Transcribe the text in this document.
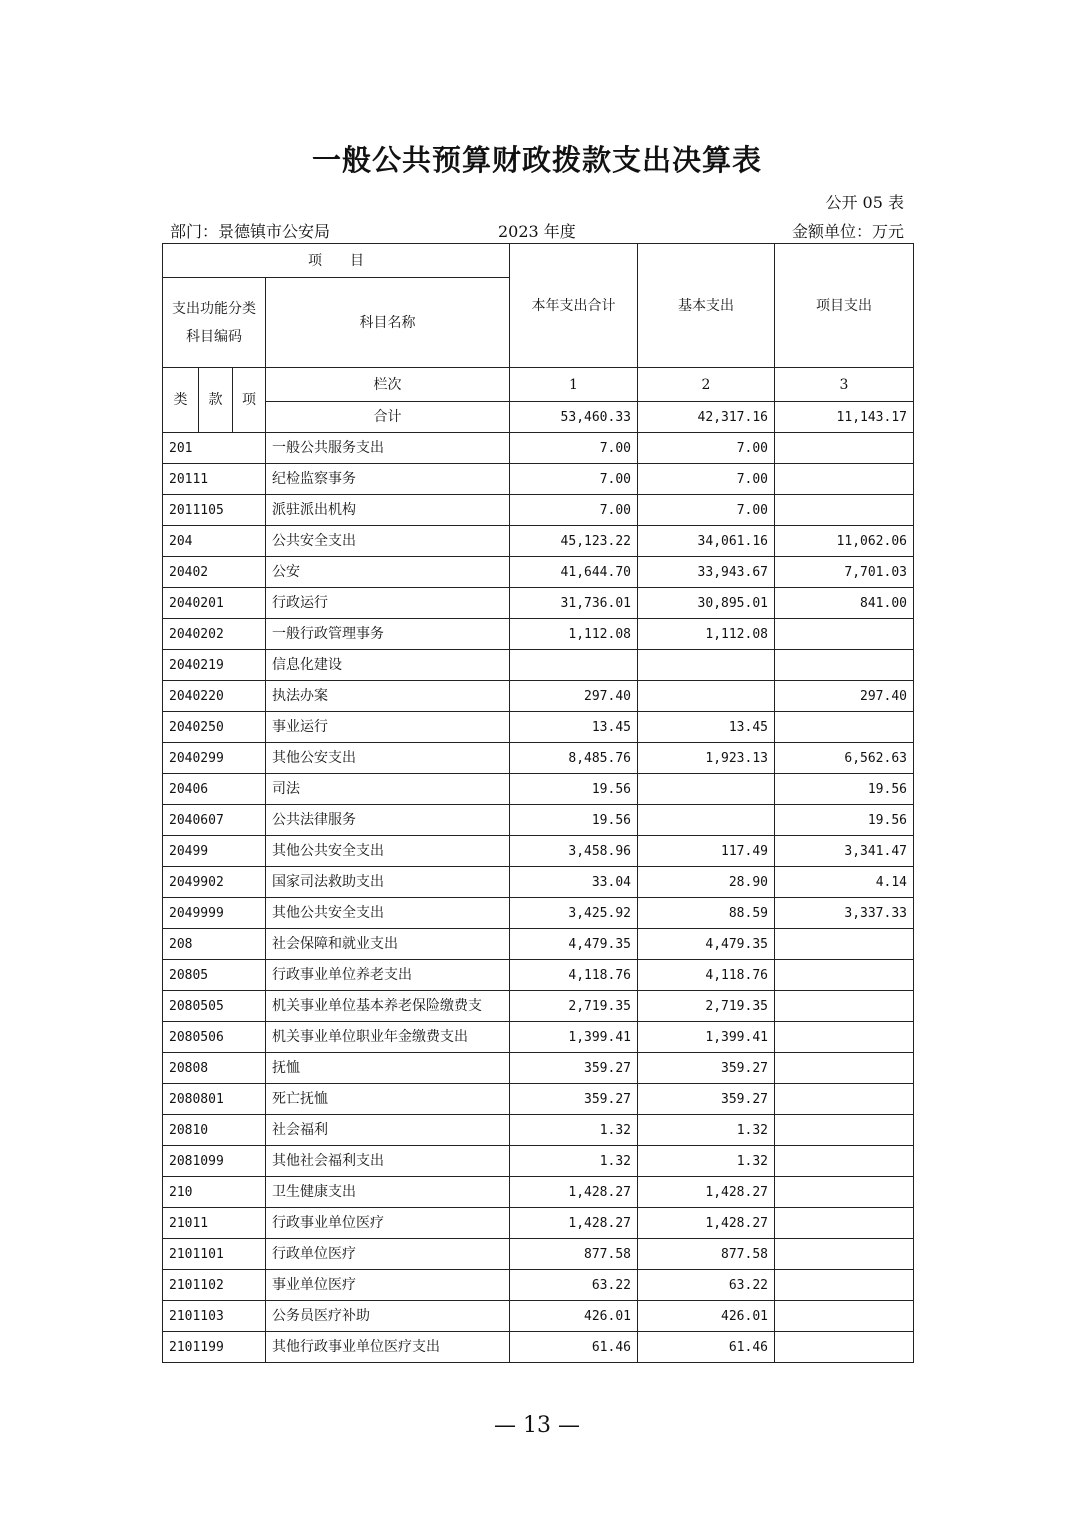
一般公共预算财政拨款支出决算表
公开 05 表
部门：景德镇市公安局	2023 年度	金额单位：万元
项　　目				本年支出合计	基本支出	项目支出
支出功能分类科目编码			科目名称			
类	款	项	栏次	1	2	3
			合计	53,460.33	42,317.16	11,143.17
201			一般公共服务支出	7.00	7.00	
20111			纪检监察事务	7.00	7.00	
2011105			派驻派出机构	7.00	7.00	
204			公共安全支出	45,123.22	34,061.16	11,062.06
20402			公安	41,644.70	33,943.67	7,701.03
2040201			行政运行	31,736.01	30,895.01	841.00
2040202			一般行政管理事务	1,112.08	1,112.08	
2040219			信息化建设			
2040220			执法办案	297.40		297.40
2040250			事业运行	13.45	13.45	
2040299			其他公安支出	8,485.76	1,923.13	6,562.63
20406			司法	19.56		19.56
2040607			公共法律服务	19.56		19.56
20499			其他公共安全支出	3,458.96	117.49	3,341.47
2049902			国家司法救助支出	33.04	28.90	4.14
2049999			其他公共安全支出	3,425.92	88.59	3,337.33
208			社会保障和就业支出	4,479.35	4,479.35	
20805			行政事业单位养老支出	4,118.76	4,118.76	
2080505			机关事业单位基本养老保险缴费支	2,719.35	2,719.35	
2080506			机关事业单位职业年金缴费支出	1,399.41	1,399.41	
20808			抚恤	359.27	359.27	
2080801			死亡抚恤	359.27	359.27	
20810			社会福利	1.32	1.32	
2081099			其他社会福利支出	1.32	1.32	
210			卫生健康支出	1,428.27	1,428.27	
21011			行政事业单位医疗	1,428.27	1,428.27	
2101101			行政单位医疗	877.58	877.58	
2101102			事业单位医疗	63.22	63.22	
2101103			公务员医疗补助	426.01	426.01	
2101199			其他行政事业单位医疗支出	61.46	61.46	
— 13 —
